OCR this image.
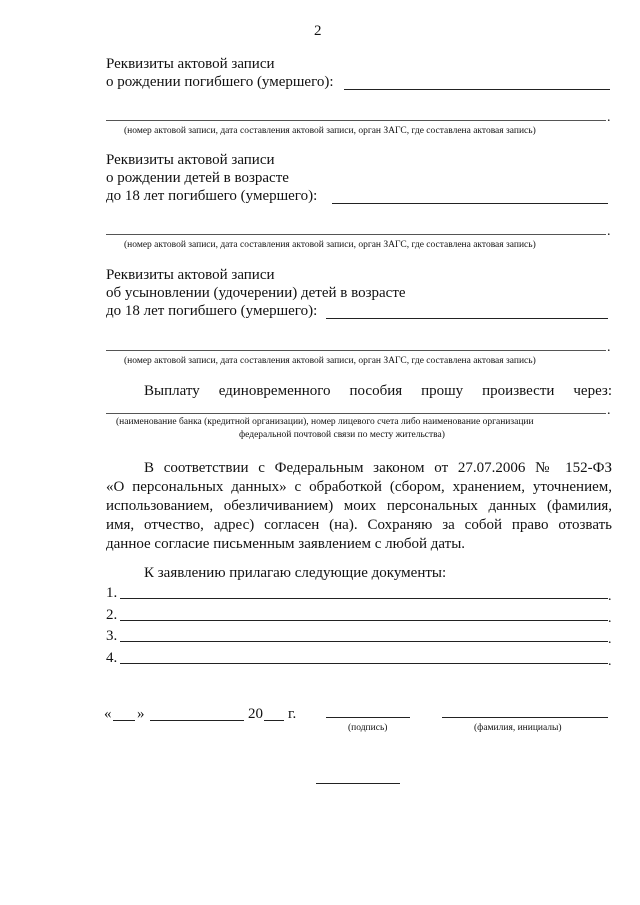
2
Реквизиты актовой записи
о рождении погибшего (умершего):
.
(номер актовой записи, дата составления актовой записи, орган ЗАГС, где составлена актовая запись)
Реквизиты актовой записи
о рождении детей в возрасте
до 18 лет погибшего (умершего):
.
(номер актовой записи, дата составления актовой записи, орган ЗАГС, где составлена актовая запись)
Реквизиты актовой записи
об усыновлении (удочерении) детей в возрасте
до 18 лет погибшего (умершего):
.
(номер актовой записи, дата составления актовой записи, орган ЗАГС, где составлена актовая запись)
Выплату единовременного пособия прошу произвести через:
.
(наименование банка (кредитной организации), номер лицевого счета либо наименование организации
федеральной почтовой связи по месту жительства)
В соответствии с Федеральным законом от 27.07.2006 № 152-ФЗ
«О персональных данных» с обработкой (сбором, хранением, уточнением,
использованием, обезличиванием) моих персональных данных (фамилия,
имя, отчество, адрес) согласен (на). Сохраняю за собой право отозвать
данное согласие письменным заявлением с любой даты.
К заявлению прилагаю следующие документы:
1.	.
2.	.
3.	.
4.	.
« »	20 г.
(подпись)	(фамилия, инициалы)
